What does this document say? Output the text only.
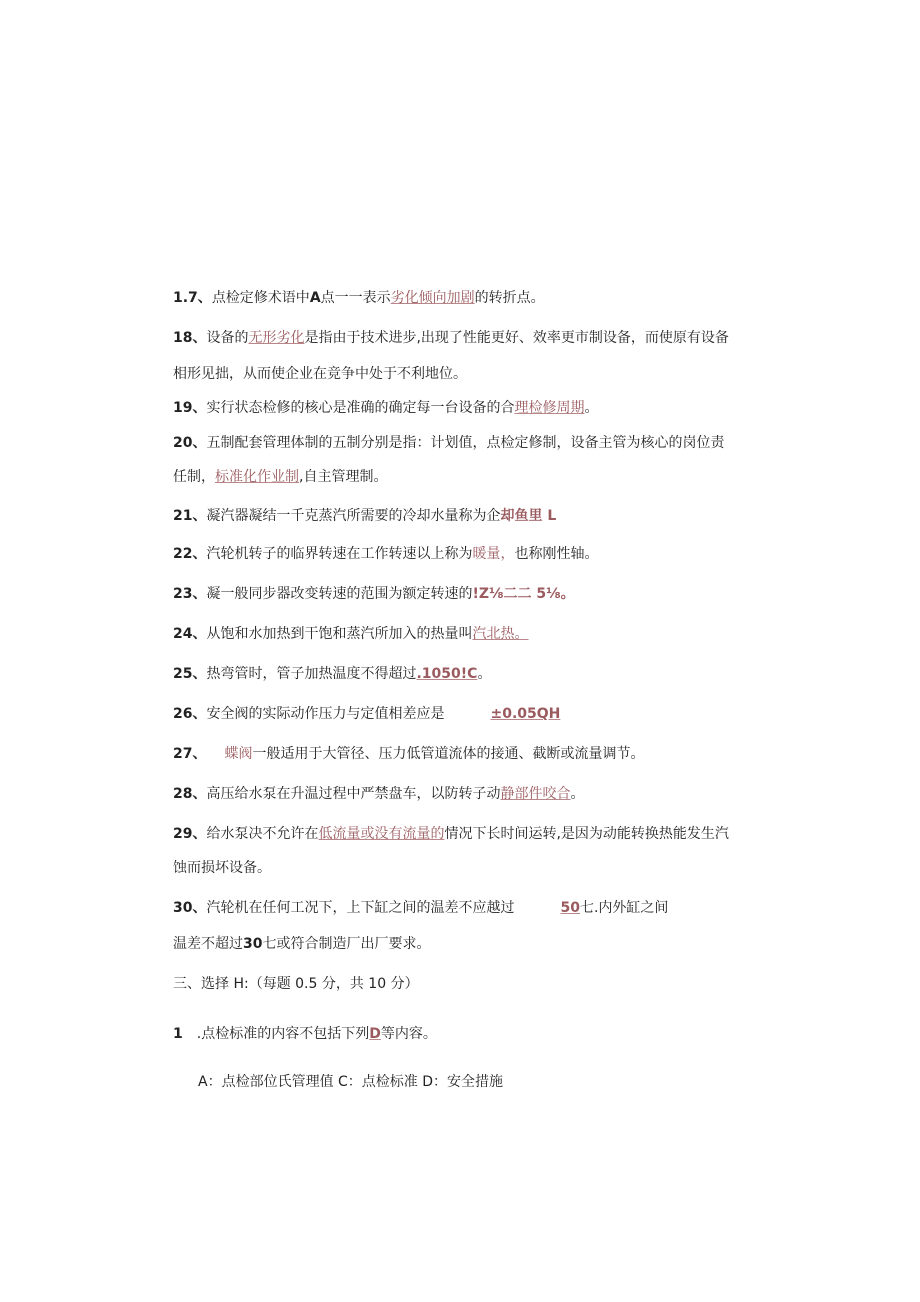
1.7、点检定修术语中A点一一表示劣化倾向加剧的转折点。
18、设备的无形劣化是指由于技术进步,出现了性能更好、效率更市制设备，而使原有设备
相形见拙，从而使企业在竞争中处于不利地位。
19、实行状态检修的核心是准确的确定每一台设备的合理检修周期。
20、五制配套管理体制的五制分别是指：计划值，点检定修制，设备主管为核心的岗位责
任制，标准化作业制,自主管理制。
21、凝汽器凝结一千克蒸汽所需要的冷却水量称为企却鱼里 L
22、汽轮机转子的临界转速在工作转速以上称为暖量，也称刚性轴。
23、凝一般同步器改变转速的范围为额定转速的!Z⅛二二 5⅛。
24、从饱和水加热到干饱和蒸汽所加入的热量叫汽北热。
25、热弯管时，管子加热温度不得超过.1050!C。
26、安全阀的实际动作压力与定值相差应是	±0.05QH
27、 蝶阀一般适用于大管径、压力低管道流体的接通、截断或流量调节。
28、高压给水泵在升温过程中严禁盘车，以防转子动静部件咬合。
29、给水泵决不允许在低流量或没有流量的情况下长时间运转,是因为动能转换热能发生汽
蚀而损坏设备。
30、汽轮机在任何工况下，上下缸之间的温差不应越过	50七.内外缸之间
温差不超过30七或符合制造厂出厂要求。
三、选择 H:（每题 0.5 分，共 10 分）
1 .点检标准的内容不包括下列D等内容。
A：点检部位氏管理值 C：点检标准 D：安全措施
